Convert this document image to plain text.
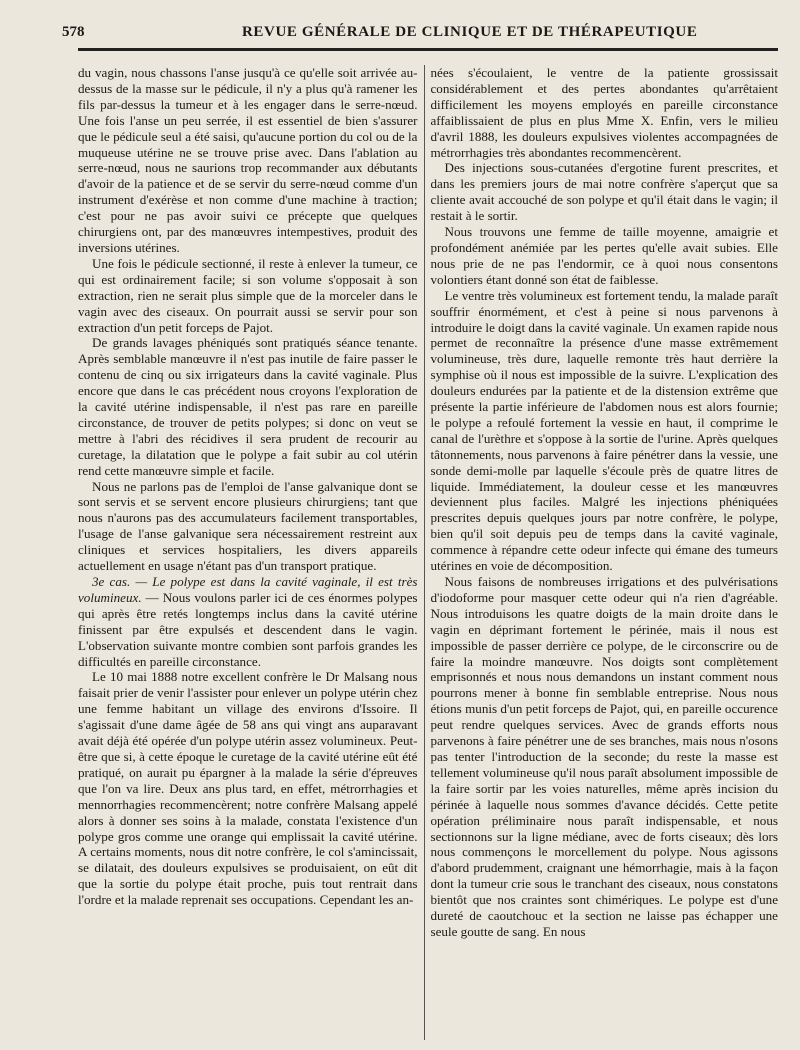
578	REVUE GÉNÉRALE DE CLINIQUE ET DE THÉRAPEUTIQUE

du vagin, nous chassons l'anse jusqu'à ce qu'elle soit arrivée au-dessus de la masse sur le pédicule, il n'y a plus qu'à ramener les fils par-dessus la tumeur et à les engager dans le serre-nœud. Une fois l'anse un peu serrée, il est essentiel de bien s'assurer que le pédicule seul a été saisi, qu'aucune portion du col ou de la muqueuse utérine ne se trouve prise avec. Dans l'ablation au serre-nœud, nous ne saurions trop recommander aux débutants d'avoir de la patience et de se servir du serre-nœud comme d'un instrument d'exérèse et non comme d'une machine à traction; c'est pour ne pas avoir suivi ce précepte que quelques chirurgiens ont, par des manœuvres intempestives, produit des inversions utérines.

Une fois le pédicule sectionné, il reste à enlever la tumeur, ce qui est ordinairement facile; si son volume s'opposait à son extraction, rien ne serait plus simple que de la morceler dans le vagin avec des ciseaux. On pourrait aussi se servir pour son extraction d'un petit forceps de Pajot.

De grands lavages phéniqués sont pratiqués séance tenante. Après semblable manœuvre il n'est pas inutile de faire passer le contenu de cinq ou six irrigateurs dans la cavité vaginale. Plus encore que dans le cas précédent nous croyons l'exploration de la cavité utérine indispensable, il n'est pas rare en pareille circonstance, de trouver de petits polypes; si donc on veut se mettre à l'abri des récidives il sera prudent de recourir au curetage, la dilatation que le polype a fait subir au col utérin rend cette manœuvre simple et facile.

Nous ne parlons pas de l'emploi de l'anse galvanique dont se sont servis et se servent encore plusieurs chirurgiens; tant que nous n'aurons pas des accumulateurs facilement transportables, l'usage de l'anse galvanique sera nécessairement restreint aux cliniques et services hospitaliers, les divers appareils actuellement en usage n'étant pas d'un transport pratique.

3e cas. — Le polype est dans la cavité vaginale, il est très volumineux. — Nous voulons parler ici de ces énormes polypes qui après être retés longtemps inclus dans la cavité utérine finissent par être expulsés et descendent dans le vagin. L'observation suivante montre combien sont parfois grandes les difficultés en pareille circonstance.

Le 10 mai 1888 notre excellent confrère le Dr Malsang nous faisait prier de venir l'assister pour enlever un polype utérin chez une femme habitant un village des environs d'Issoire. Il s'agissait d'une dame âgée de 58 ans qui vingt ans auparavant avait déjà été opérée d'un polype utérin assez volumineux. Peut-être que si, à cette époque le curetage de la cavité utérine eût été pratiqué, on aurait pu épargner à la malade la série d'épreuves que l'on va lire. Deux ans plus tard, en effet, métrorrhagies et mennorrhagies recommencèrent; notre confrère Malsang appelé alors à donner ses soins à la malade, constata l'existence d'un polype gros comme une orange qui emplissait la cavité utérine. A certains moments, nous dit notre confrère, le col s'amincissait, se dilatait, des douleurs expulsives se produisaient, on eût dit que la sortie du polype était proche, puis tout rentrait dans l'ordre et la malade reprenait ses occupations. Cependant les an-

nées s'écoulaient, le ventre de la patiente grossissait considérablement et des pertes abondantes qu'arrêtaient difficilement les moyens employés en pareille circonstance affaiblissaient de plus en plus Mme X. Enfin, vers le milieu d'avril 1888, les douleurs expulsives violentes accompagnées de métrorrhagies très abondantes recommencèrent.

Des injections sous-cutanées d'ergotine furent prescrites, et dans les premiers jours de mai notre confrère s'aperçut que sa cliente avait accouché de son polype et qu'il était dans le vagin; il restait à le sortir.

Nous trouvons une femme de taille moyenne, amaigrie et profondément anémiée par les pertes qu'elle avait subies. Elle nous prie de ne pas l'endormir, ce à quoi nous consentons volontiers étant donné son état de faiblesse.

Le ventre très volumineux est fortement tendu, la malade paraît souffrir énormément, et c'est à peine si nous parvenons à introduire le doigt dans la cavité vaginale. Un examen rapide nous permet de reconnaître la présence d'une masse extrêmement volumineuse, très dure, laquelle remonte très haut derrière la symphise où il nous est impossible de la suivre. L'explication des douleurs endurées par la patiente et de la distension extrême que présente la partie inférieure de l'abdomen nous est alors fournie; le polype a refoulé fortement la vessie en haut, il comprime le canal de l'urèthre et s'oppose à la sortie de l'urine. Après quelques tâtonnements, nous parvenons à faire pénétrer dans la vessie, une sonde demi-molle par laquelle s'écoule près de quatre litres de liquide. Immédiatement, la douleur cesse et les manœuvres deviennent plus faciles. Malgré les injections phéniquées prescrites depuis quelques jours par notre confrère, le polype, bien qu'il soit depuis peu de temps dans la cavité vaginale, commence à répandre cette odeur infecte qui émane des tumeurs utérines en voie de décomposition.

Nous faisons de nombreuses irrigations et des pulvérisations d'iodoforme pour masquer cette odeur qui n'a rien d'agréable. Nous introduisons les quatre doigts de la main droite dans le vagin en déprimant fortement le périnée, mais il nous est impossible de passer derrière ce polype, de le circonscrire ou de faire la moindre manœuvre. Nos doigts sont complètement emprisonnés et nous nous demandons un instant comment nous pourrons mener à bonne fin semblable entreprise. Nous nous étions munis d'un petit forceps de Pajot, qui, en pareille occurence peut rendre quelques services. Avec de grands efforts nous parvenons à faire pénétrer une de ses branches, mais nous n'osons pas tenter l'introduction de la seconde; du reste la masse est tellement volumineuse qu'il nous paraît absolument impossible de la faire sortir par les voies naturelles, même après incision du périnée à laquelle nous sommes d'avance décidés. Cette petite opération préliminaire nous paraît indispensable, et nous sectionnons sur la ligne médiane, avec de forts ciseaux; dès lors nous commençons le morcellement du polype. Nous agissons d'abord prudemment, craignant une hémorrhagie, mais à la façon dont la tumeur crie sous le tranchant des ciseaux, nous constatons bientôt que nos craintes sont chimériques. Le polype est d'une dureté de caoutchouc et la section ne laisse pas échapper une seule goutte de sang. En nous
